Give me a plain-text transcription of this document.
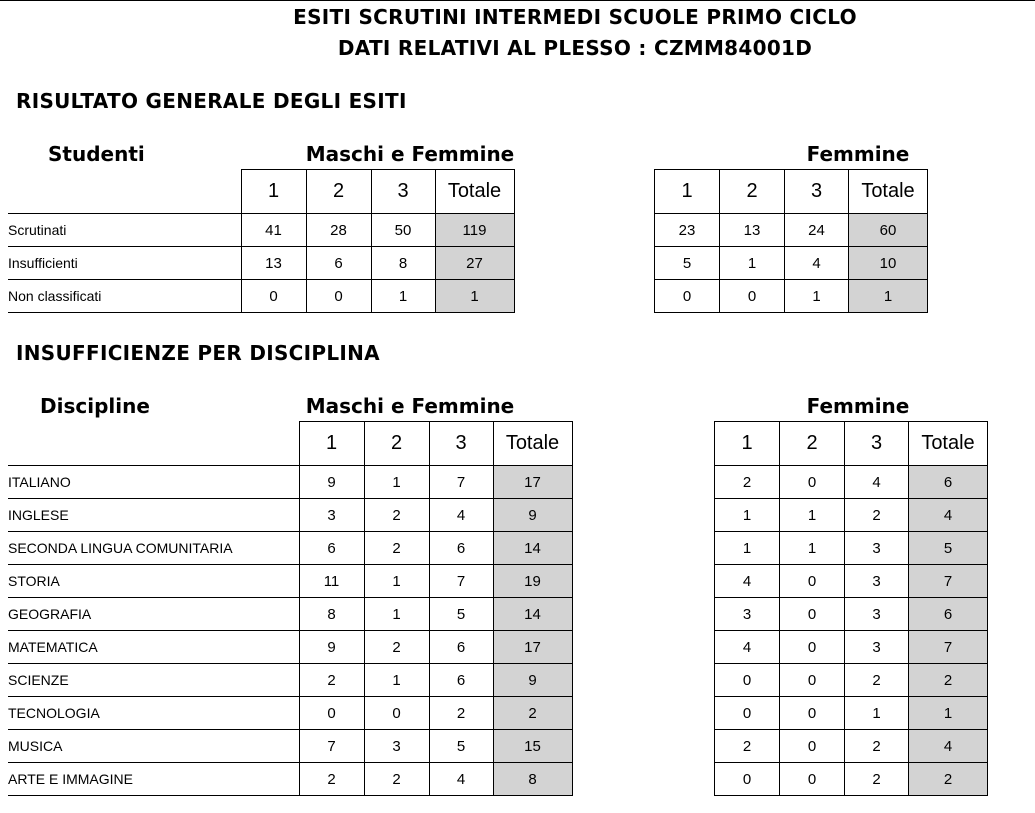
ESITI SCRUTINI INTERMEDI SCUOLE PRIMO CICLO
DATI RELATIVI AL PLESSO : CZMM84001D
RISULTATO GENERALE DEGLI ESITI
Studenti	Maschi e Femmine	Femmine
	1	2	3	Totale
Scrutinati	41	28	50	119
Insufficienti	13	6	8	27
Non classificati	0	0	1	1
1	2	3	Totale
23	13	24	60
5	1	4	10
0	0	1	1
INSUFFICIENZE PER DISCIPLINA
Discipline	Maschi e Femmine	Femmine
	1	2	3	Totale
ITALIANO	9	1	7	17
INGLESE	3	2	4	9
SECONDA LINGUA COMUNITARIA	6	2	6	14
STORIA	11	1	7	19
GEOGRAFIA	8	1	5	14
MATEMATICA	9	2	6	17
SCIENZE	2	1	6	9
TECNOLOGIA	0	0	2	2
MUSICA	7	3	5	15
ARTE E IMMAGINE	2	2	4	8
1	2	3	Totale
2	0	4	6
1	1	2	4
1	1	3	5
4	0	3	7
3	0	3	6
4	0	3	7
0	0	2	2
0	0	1	1
2	0	2	4
0	0	2	2
